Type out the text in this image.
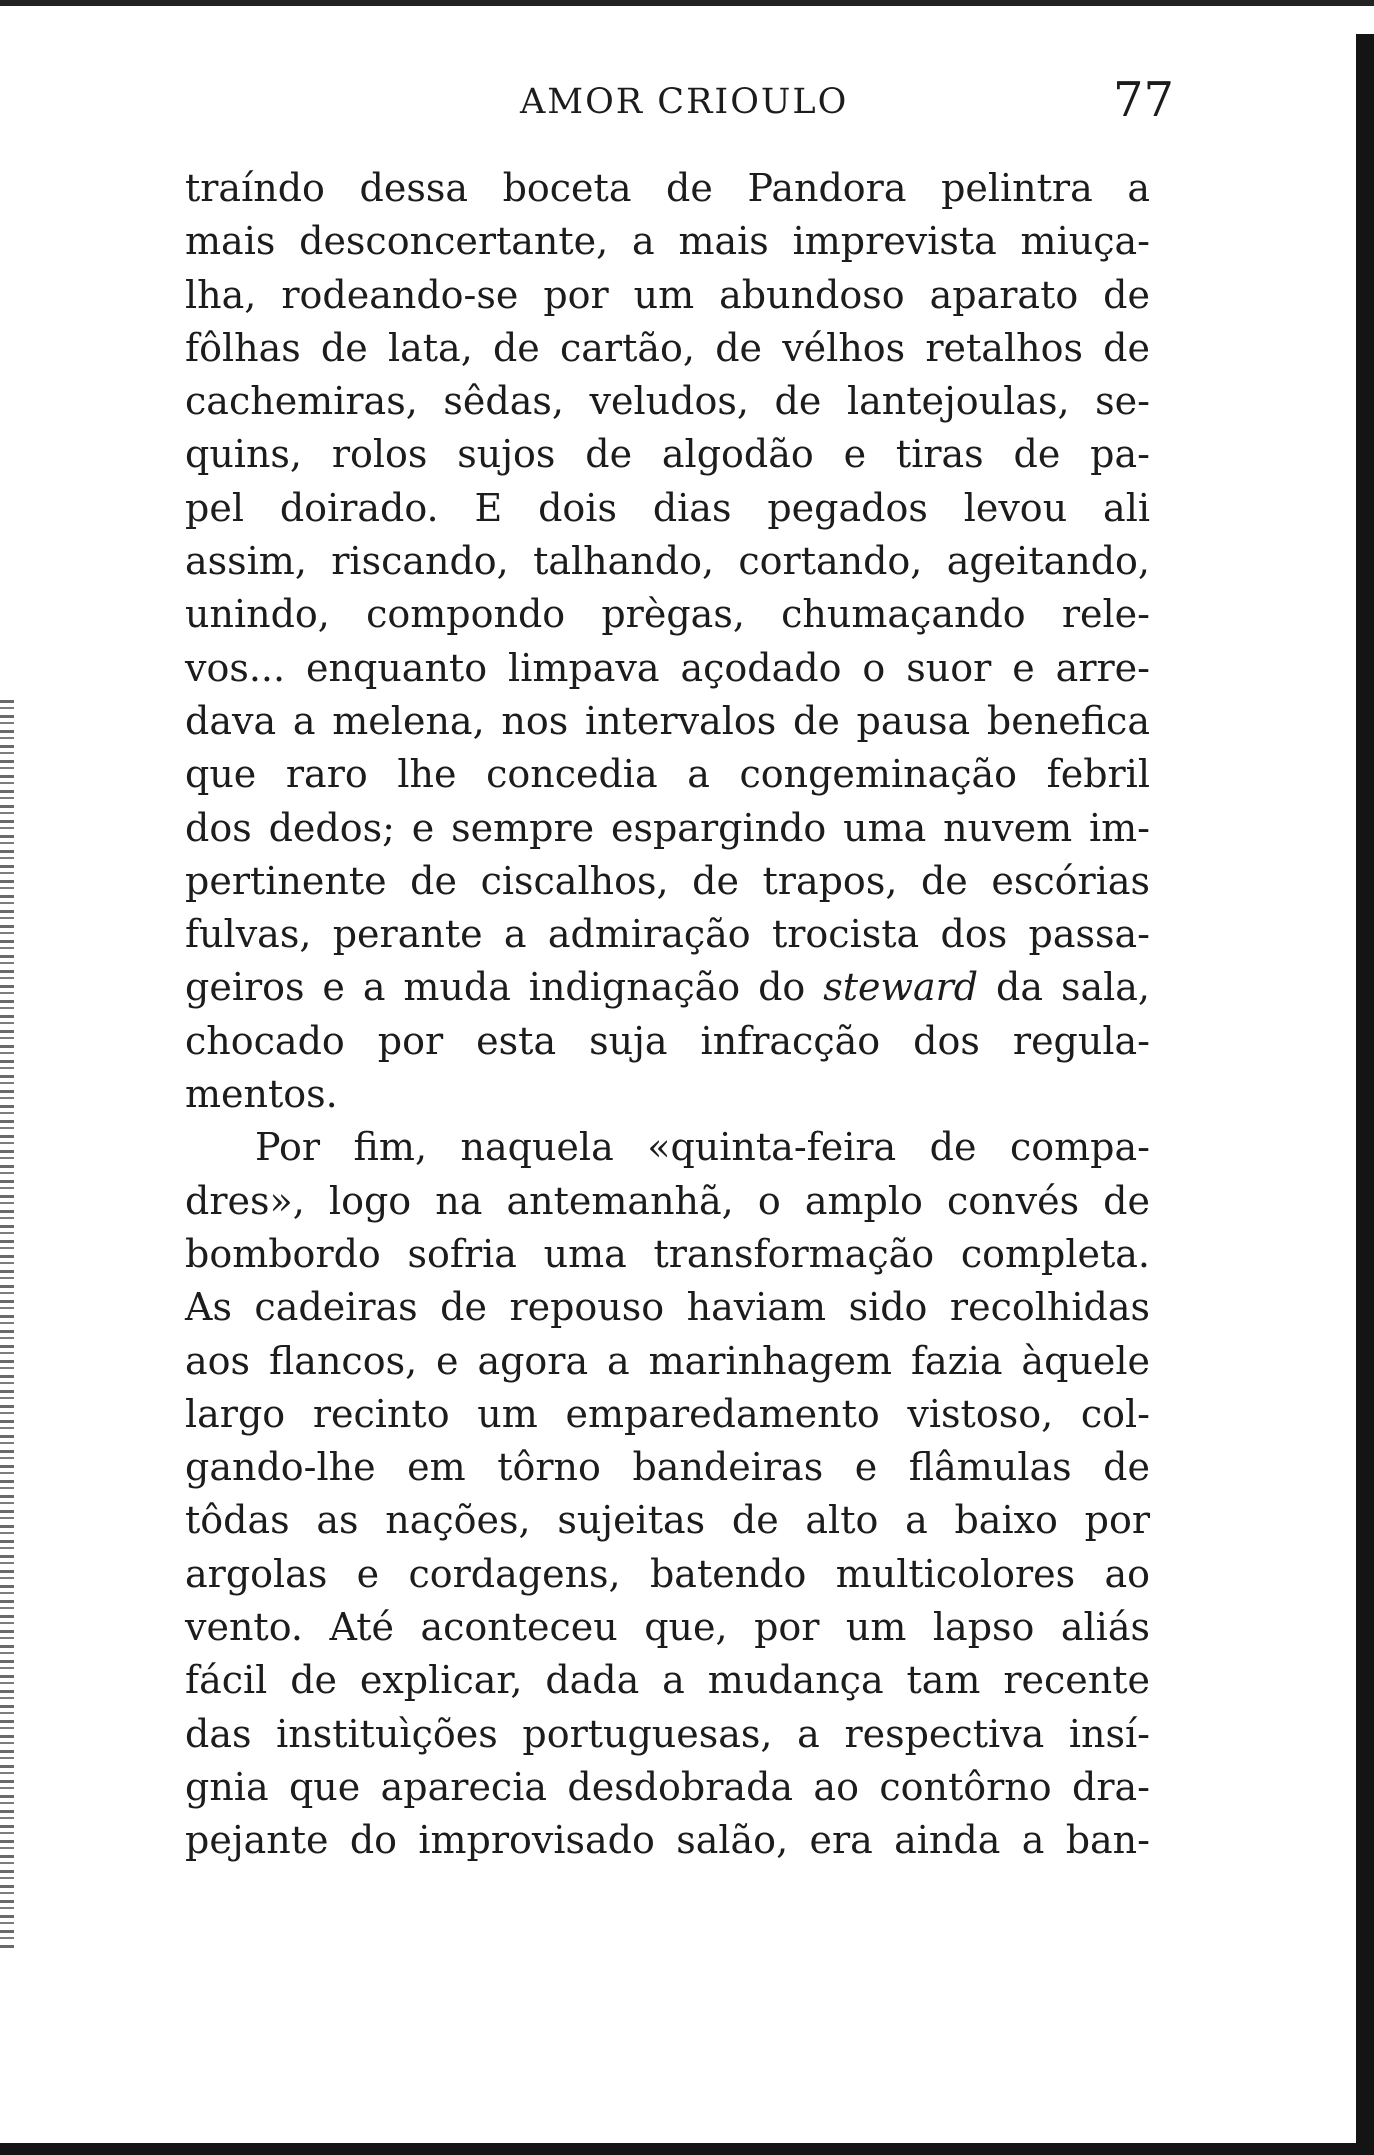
AMOR CRIOULO	77
traíndo dessa boceta de Pandora pelintra a
mais desconcertante, a mais imprevista miuça-
lha, rodeando-se por um abundoso aparato de
fôlhas de lata, de cartão, de vélhos retalhos de
cachemiras, sêdas, veludos, de lantejoulas, se-
quins, rolos sujos de algodão e tiras de pa-
pel doirado. E dois dias pegados levou ali
assim, riscando, talhando, cortando, ageitando,
unindo, compondo prègas, chumaçando rele-
vos... enquanto limpava açodado o suor e arre-
dava a melena, nos intervalos de pausa benefica
que raro lhe concedia a congeminação febril
dos dedos; e sempre espargindo uma nuvem im-
pertinente de ciscalhos, de trapos, de escórias
fulvas, perante a admiração trocista dos passa-
geiros e a muda indignação do steward da sala,
chocado por esta suja infracção dos regula-
mentos.
Por fim, naquela «quinta-feira de compa-
dres», logo na antemanhã, o amplo convés de
bombordo sofria uma transformação completa.
As cadeiras de repouso haviam sido recolhidas
aos flancos, e agora a marinhagem fazia àquele
largo recinto um emparedamento vistoso, col-
gando-lhe em tôrno bandeiras e flâmulas de
tôdas as nações, sujeitas de alto a baixo por
argolas e cordagens, batendo multicolores ao
vento. Até aconteceu que, por um lapso aliás
fácil de explicar, dada a mudança tam recente
das instituìções portuguesas, a respectiva insí-
gnia que aparecia desdobrada ao contôrno dra-
pejante do improvisado salão, era ainda a ban-
